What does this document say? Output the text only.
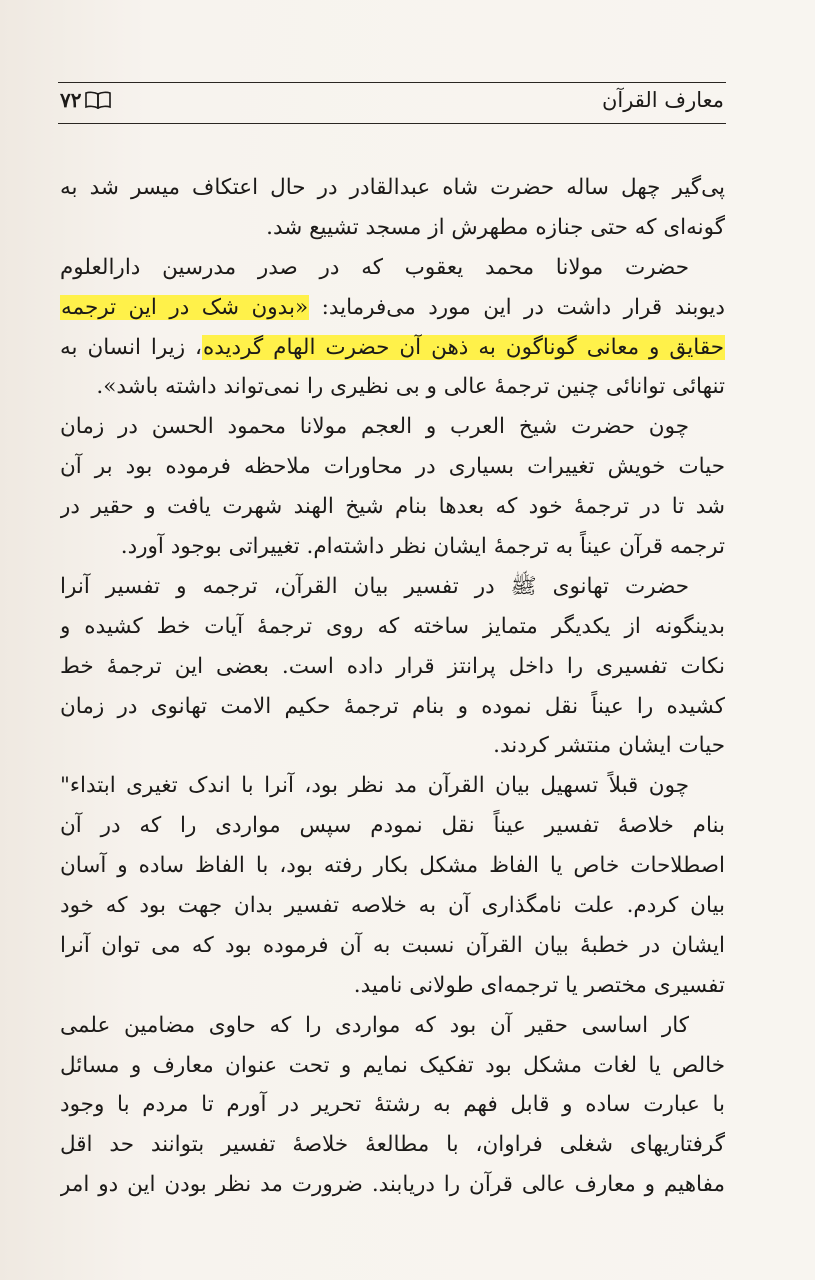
معارف القرآن
۷۲
پی‌گیر چهل ساله حضرت شاه عبدالقادر در حال اعتکاف میسر شد به
گونه‌ای که حتی جنازه مطهرش از مسجد تشییع شد.
حضرت مولانا محمد یعقوب که در صدر مدرسین دارالعلوم
دیوبند قرار داشت در این مورد می‌فرماید: «بدون شک در این ترجمه
حقایق و معانی گوناگون به ذهن آن حضرت الهام گردیده، زیرا انسان به
تنهائی توانائی چنین ترجمهٔ عالی و بی نظیری را نمی‌تواند داشته باشد».
چون حضرت شیخ العرب و العجم مولانا محمود الحسن در زمان
حیات خویش تغییرات بسیاری در محاورات ملاحظه فرموده بود بر آن
شد تا در ترجمهٔ خود که بعدها بنام شیخ الهند شهرت یافت و حقیر در
ترجمه قرآن عیناً به ترجمهٔ ایشان نظر داشته‌ام. تغییراتی بوجود آورد.
حضرت تهانوی ﷺ در تفسیر بیان القرآن، ترجمه و تفسیر آنرا
بدینگونه از یکدیگر متمایز ساخته که روی ترجمهٔ آیات خط کشیده و
نکات تفسیری را داخل پرانتز قرار داده است. بعضی این ترجمهٔ خط
کشیده را عیناً نقل نموده و بنام ترجمهٔ حکیم الامت تهانوی در زمان
حیات ایشان منتشر کردند.
چون قبلاً تسهیل بیان القرآن مد نظر بود، آنرا با اندک تغیری ابتداء"
بنام خلاصهٔ تفسیر عیناً نقل نمودم سپس مواردی را که در آن
اصطلاحات خاص یا الفاظ مشکل بکار رفته بود، با الفاظ ساده و آسان
بیان کردم. علت نامگذاری آن به خلاصه تفسیر بدان جهت بود که خود
ایشان در خطبهٔ بیان القرآن نسبت به آن فرموده بود که می توان آنرا
تفسیری مختصر یا ترجمه‌ای طولانی نامید.
کار اساسی حقیر آن بود که مواردی را که حاوی مضامین علمی
خالص یا لغات مشکل بود تفکیک نمایم و تحت عنوان معارف و مسائل
با عبارت ساده و قابل فهم به رشتهٔ تحریر در آورم تا مردم با وجود
گرفتاریهای شغلی فراوان، با مطالعهٔ خلاصهٔ تفسیر بتوانند حد اقل
مفاهیم و معارف عالی قرآن را دریابند. ضرورت مد نظر بودن این دو امر
